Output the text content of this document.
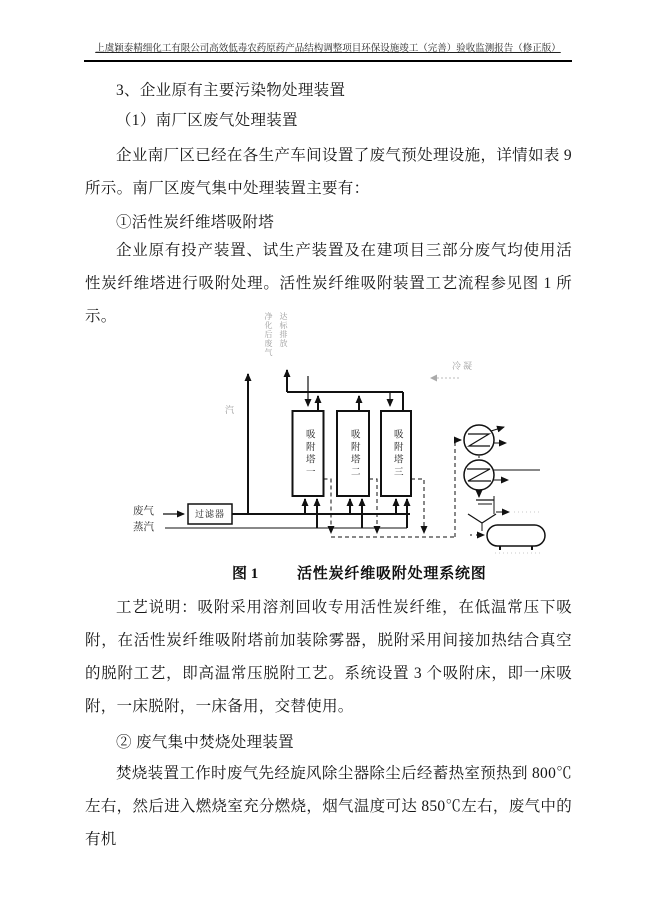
上虞颖泰精细化工有限公司高效低毒农药原药产品结构调整项目环保设施竣工（完善）验收监测报告（修正版）

3、企业原有主要污染物处理装置

（1）南厂区废气处理装置

企业南厂区已经在各生产车间设置了废气预处理设施，详情如表 9 所示。南厂区废气集中处理装置主要有：

①活性炭纤维塔吸附塔

企业原有投产装置、试生产装置及在建项目三部分废气均使用活性炭纤维塔进行吸附处理。活性炭纤维吸附装置工艺流程参见图 1 所示。	净化后废气 达标排放
汽
冷凝
废气
蒸汽
过滤器
吸附塔一	吸附塔二	吸附塔三
图 1	活性炭纤维吸附处理系统图

工艺说明：吸附采用溶剂回收专用活性炭纤维，在低温常压下吸附，在活性炭纤维吸附塔前加装除雾器，脱附采用间接加热结合真空的脱附工艺，即高温常压脱附工艺。系统设置 3 个吸附床，即一床吸附，一床脱附，一床备用，交替使用。

② 废气集中焚烧处理装置

焚烧装置工作时废气先经旋风除尘器除尘后经蓄热室预热到 800℃左右，然后进入燃烧室充分燃烧，烟气温度可达 850℃左右，废气中的有机
